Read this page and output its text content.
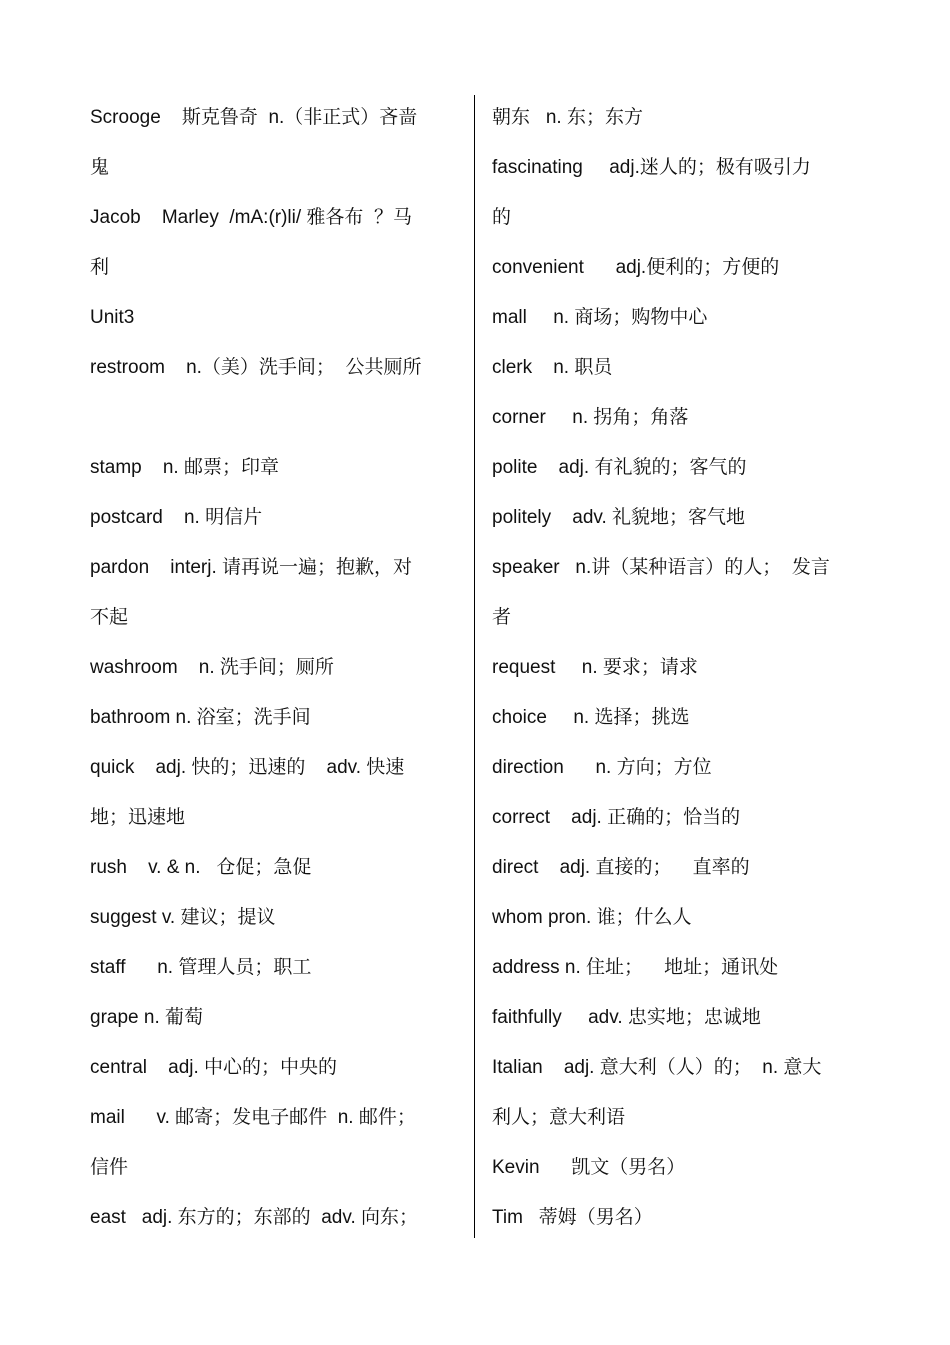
Scrooge    斯克鲁奇  n.（非正式）吝啬
鬼
Jacob    Marley  /mA:(r)li/ 雅各布  ？马
利
Unit3
restroom    n.（美）洗手间；  公共厕所
stamp    n. 邮票；印章
postcard    n. 明信片
pardon    interj. 请再说一遍；抱歉，对
不起
washroom    n. 洗手间；厕所
bathroom n. 浴室；洗手间
quick    adj. 快的；迅速的    adv. 快速
地；迅速地
rush    v. & n.   仓促；急促
suggest v. 建议；提议
staff      n. 管理人员；职工
grape n. 葡萄
central    adj. 中心的；中央的
mail      v. 邮寄；发电子邮件  n. 邮件；
信件
east   adj. 东方的；东部的  adv. 向东；
朝东   n. 东；东方
fascinating     adj.迷人的；极有吸引力
的
convenient      adj.便利的；方便的
mall     n. 商场；购物中心
clerk    n. 职员
corner     n. 拐角；角落
polite    adj. 有礼貌的；客气的
politely    adv. 礼貌地；客气地
speaker   n.讲（某种语言）的人；  发言
者
request     n. 要求；请求
choice     n. 选择；挑选
direction      n. 方向；方位
correct    adj. 正确的；恰当的
direct    adj. 直接的；    直率的
whom pron. 谁；什么人
address n. 住址；    地址；通讯处
faithfully     adv. 忠实地；忠诚地
Italian    adj. 意大利（人）的；  n. 意大
利人；意大利语
Kevin      凯文（男名）
Tim   蒂姆（男名）
